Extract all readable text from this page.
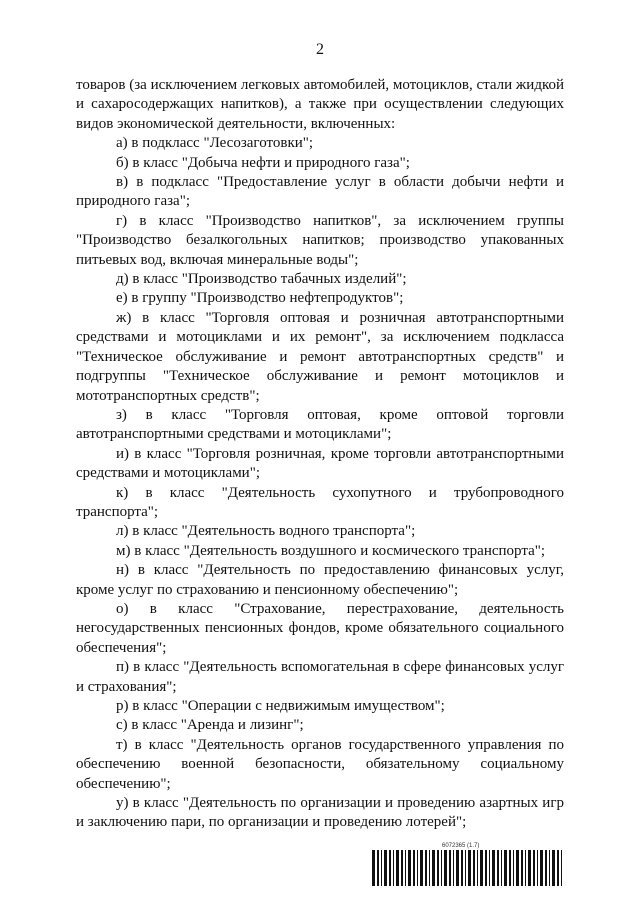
2

товаров (за исключением легковых автомобилей, мотоциклов, стали жидкой и сахаросодержащих напитков), а также при осуществлении следующих видов экономической деятельности, включенных:

а) в подкласс "Лесозаготовки";

б) в класс "Добыча нефти и природного газа";

в) в подкласс "Предоставление услуг в области добычи нефти и природного газа";

г) в класс "Производство напитков", за исключением группы "Производство безалкогольных напитков; производство упакованных питьевых вод, включая минеральные воды";

д) в класс "Производство табачных изделий";

е) в группу "Производство нефтепродуктов";

ж) в класс "Торговля оптовая и розничная автотранспортными средствами и мотоциклами и их ремонт", за исключением подкласса "Техническое обслуживание и ремонт автотранспортных средств" и подгруппы "Техническое обслуживание и ремонт мотоциклов и мототранспортных средств";

з) в класс "Торговля оптовая, кроме оптовой торговли автотранспортными средствами и мотоциклами";

и) в класс "Торговля розничная, кроме торговли автотранспортными средствами и мотоциклами";

к) в класс "Деятельность сухопутного и трубопроводного транспорта";

л) в класс "Деятельность водного транспорта";

м) в класс "Деятельность воздушного и космического транспорта";

н) в класс "Деятельность по предоставлению финансовых услуг, кроме услуг по страхованию и пенсионному обеспечению";

о) в класс "Страхование, перестрахование, деятельность негосударственных пенсионных фондов, кроме обязательного социального обеспечения";

п) в класс "Деятельность вспомогательная в сфере финансовых услуг и страхования";

р) в класс "Операции с недвижимым имуществом";

с) в класс "Аренда и лизинг";

т) в класс "Деятельность органов государственного управления по обеспечению военной безопасности, обязательному социальному обеспечению";

у) в класс "Деятельность по организации и проведению азартных игр и заключению пари, по организации и проведению лотерей";

6072365 (1.7)
